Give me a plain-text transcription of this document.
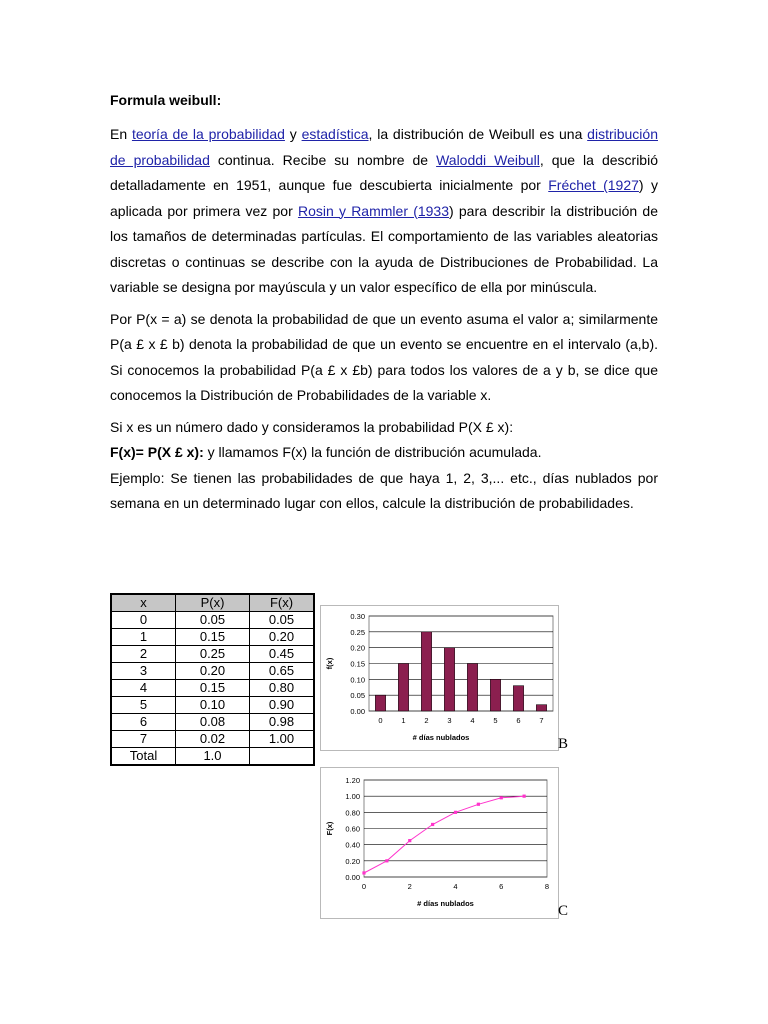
Formula weibull:

En teoría de la probabilidad y estadística, la distribución de Weibull es una distribución de probabilidad continua. Recibe su nombre de Waloddi Weibull, que la describió detalladamente en 1951, aunque fue descubierta inicialmente por Fréchet (1927) y aplicada por primera vez por Rosin y Rammler (1933) para describir la distribución de los tamaños de determinadas partículas. El comportamiento de las variables aleatorias discretas o continuas se describe con la ayuda de Distribuciones de Probabilidad. La variable se designa por mayúscula y un valor específico de ella por minúscula.

Por P(x = a) se denota la probabilidad de que un evento asuma el valor a; similarmente P(a £ x £ b) denota la probabilidad de que un evento se encuentre en el intervalo (a,b). Si conocemos la probabilidad P(a £ x £b) para todos los valores de a y b, se dice que conocemos la Distribución de Probabilidades de la variable x.

Si x es un número dado y consideramos la probabilidad P(X £ x):

F(x)= P(X £ x): y llamamos F(x) la función de distribución acumulada.

Ejemplo: Se tienen las probabilidades de que haya 1, 2, 3,... etc., días nublados por semana en un determinado lugar con ellos, calcule la distribución de probabilidades.

x	P(x)	F(x)
0	0.05	0.05
1	0.15	0.20
2	0.25	0.45
3	0.20	0.65
4	0.15	0.80
5	0.10	0.90
6	0.08	0.98
7	0.02	1.00
Total	1.0	
0.00
0.05
0.10
0.15
0.20
0.25
0.30
0	1	2	3	4	5	6	7
# días nublados
f(x)
B
0.00
0.20
0.40
0.60
0.80
1.00
1.20
0	2	4	6	8
# días nublados
F(x)
C
